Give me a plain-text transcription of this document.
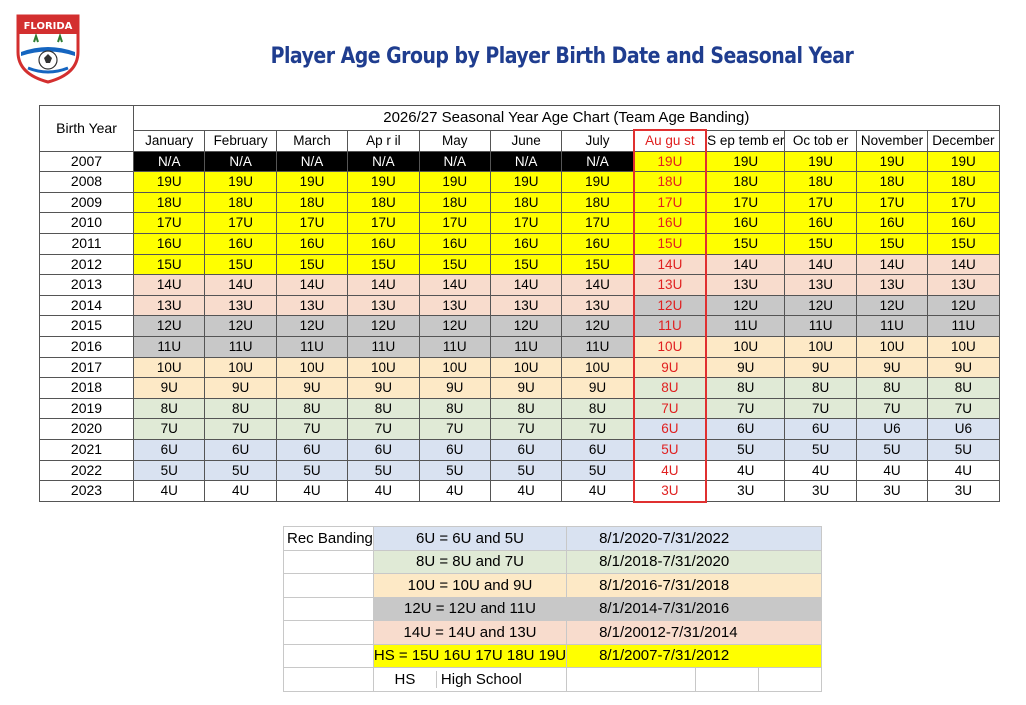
FLORIDA
Player Age Group by Player Birth Date and Seasonal Year
Birth Year	2026/27 Seasonal Year Age Chart (Team Age Banding)											
	January	February	March	Ap r il	May	June	July	Au gu st	S ep temb er	Oc tob er	November	December
2007	N/A	N/A	N/A	N/A	N/A	N/A	N/A	19U	19U	19U	19U	19U
2008	19U	19U	19U	19U	19U	19U	19U	18U	18U	18U	18U	18U
2009	18U	18U	18U	18U	18U	18U	18U	17U	17U	17U	17U	17U
2010	17U	17U	17U	17U	17U	17U	17U	16U	16U	16U	16U	16U
2011	16U	16U	16U	16U	16U	16U	16U	15U	15U	15U	15U	15U
2012	15U	15U	15U	15U	15U	15U	15U	14U	14U	14U	14U	14U
2013	14U	14U	14U	14U	14U	14U	14U	13U	13U	13U	13U	13U
2014	13U	13U	13U	13U	13U	13U	13U	12U	12U	12U	12U	12U
2015	12U	12U	12U	12U	12U	12U	12U	11U	11U	11U	11U	11U
2016	11U	11U	11U	11U	11U	11U	11U	10U	10U	10U	10U	10U
2017	10U	10U	10U	10U	10U	10U	10U	9U	9U	9U	9U	9U
2018	9U	9U	9U	9U	9U	9U	9U	8U	8U	8U	8U	8U
2019	8U	8U	8U	8U	8U	8U	8U	7U	7U	7U	7U	7U
2020	7U	7U	7U	7U	7U	7U	7U	6U	6U	6U	U6	U6
2021	6U	6U	6U	6U	6U	6U	6U	5U	5U	5U	5U	5U
2022	5U	5U	5U	5U	5U	5U	5U	4U	4U	4U	4U	4U
2023	4U	4U	4U	4U	4U	4U	4U	3U	3U	3U	3U	3U
Rec Banding	6U = 6U and 5U	8/1/2020-7/31/2022		
	8U = 8U and 7U	8/1/2018-7/31/2020		
	10U = 10U and 9U	8/1/2016-7/31/2018		
	12U = 12U and 11U	8/1/2014-7/31/2016		
	14U = 14U and 13U	8/1/20012-7/31/2014		
	HS = 15U 16U 17U 18U 19U	8/1/2007-7/31/2012		
	HS High School			
